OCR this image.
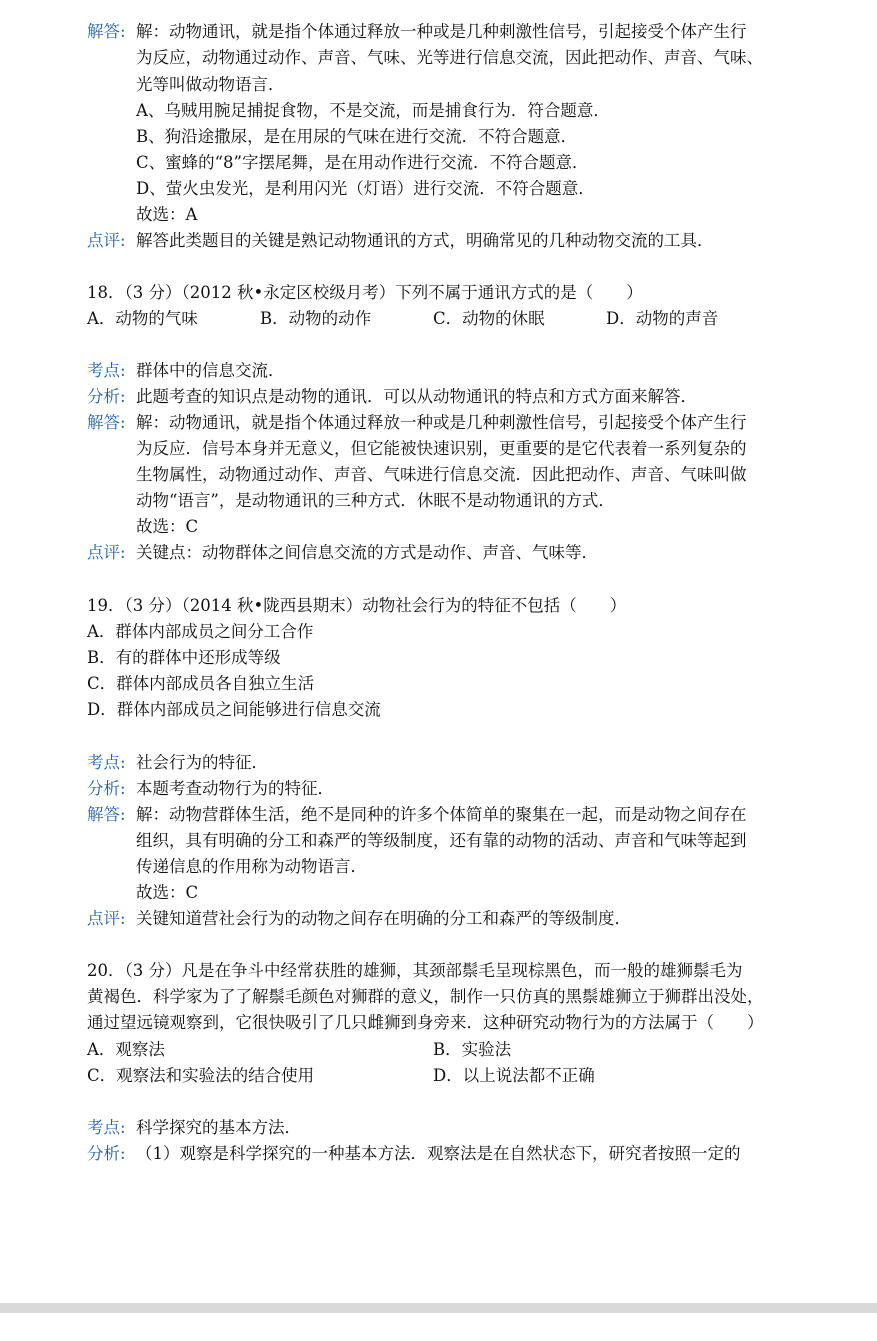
解答: 解：动物通讯，就是指个体通过释放一种或是几种刺激性信号，引起接受个体产生行
为反应，动物通过动作、声音、气味、光等进行信息交流，因此把动作、声音、气味、
光等叫做动物语言．
A、乌贼用腕足捕捉食物，不是交流，而是捕食行为．符合题意．
B、狗沿途撒尿，是在用尿的气味在进行交流．不符合题意．
C、蜜蜂的“8”字摆尾舞，是在用动作进行交流．不符合题意．
D、萤火虫发光，是利用闪光（灯语）进行交流．不符合题意．
故选：A
点评: 解答此类题目的关键是熟记动物通讯的方式，明确常见的几种动物交流的工具．
18．（3 分）（2012 秋•永定区校级月考）下列不属于通讯方式的是（　　）
A．动物的气味	B．动物的动作	C．动物的休眠	D．动物的声音
考点: 群体中的信息交流．
分析: 此题考查的知识点是动物的通讯．可以从动物通讯的特点和方式方面来解答．
解答: 解：动物通讯，就是指个体通过释放一种或是几种刺激性信号，引起接受个体产生行
为反应．信号本身并无意义，但它能被快速识别，更重要的是它代表着一系列复杂的
生物属性，动物通过动作、声音、气味进行信息交流．因此把动作、声音、气味叫做
动物“语言”，是动物通讯的三种方式．休眠不是动物通讯的方式．
故选：C
点评: 关键点：动物群体之间信息交流的方式是动作、声音、气味等．
19．（3 分）（2014 秋•陇西县期末）动物社会行为的特征不包括（　　）
A．群体内部成员之间分工合作
B．有的群体中还形成等级
C．群体内部成员各自独立生活
D．群体内部成员之间能够进行信息交流
考点: 社会行为的特征．
分析: 本题考查动物行为的特征．
解答: 解：动物营群体生活，绝不是同种的许多个体简单的聚集在一起，而是动物之间存在
组织，具有明确的分工和森严的等级制度，还有靠的动物的活动、声音和气味等起到
传递信息的作用称为动物语言．
故选：C
点评: 关键知道营社会行为的动物之间存在明确的分工和森严的等级制度．
20．（3 分）凡是在争斗中经常获胜的雄狮，其颈部鬃毛呈现棕黑色，而一般的雄狮鬃毛为
黄褐色．科学家为了了解鬃毛颜色对狮群的意义，制作一只仿真的黑鬃雄狮立于狮群出没处，
通过望远镜观察到，它很快吸引了几只雌狮到身旁来．这种研究动物行为的方法属于（　　）
A．观察法	B．实验法
C．观察法和实验法的结合使用	D．以上说法都不正确
考点: 科学探究的基本方法．
分析: （1）观察是科学探究的一种基本方法．观察法是在自然状态下，研究者按照一定的
